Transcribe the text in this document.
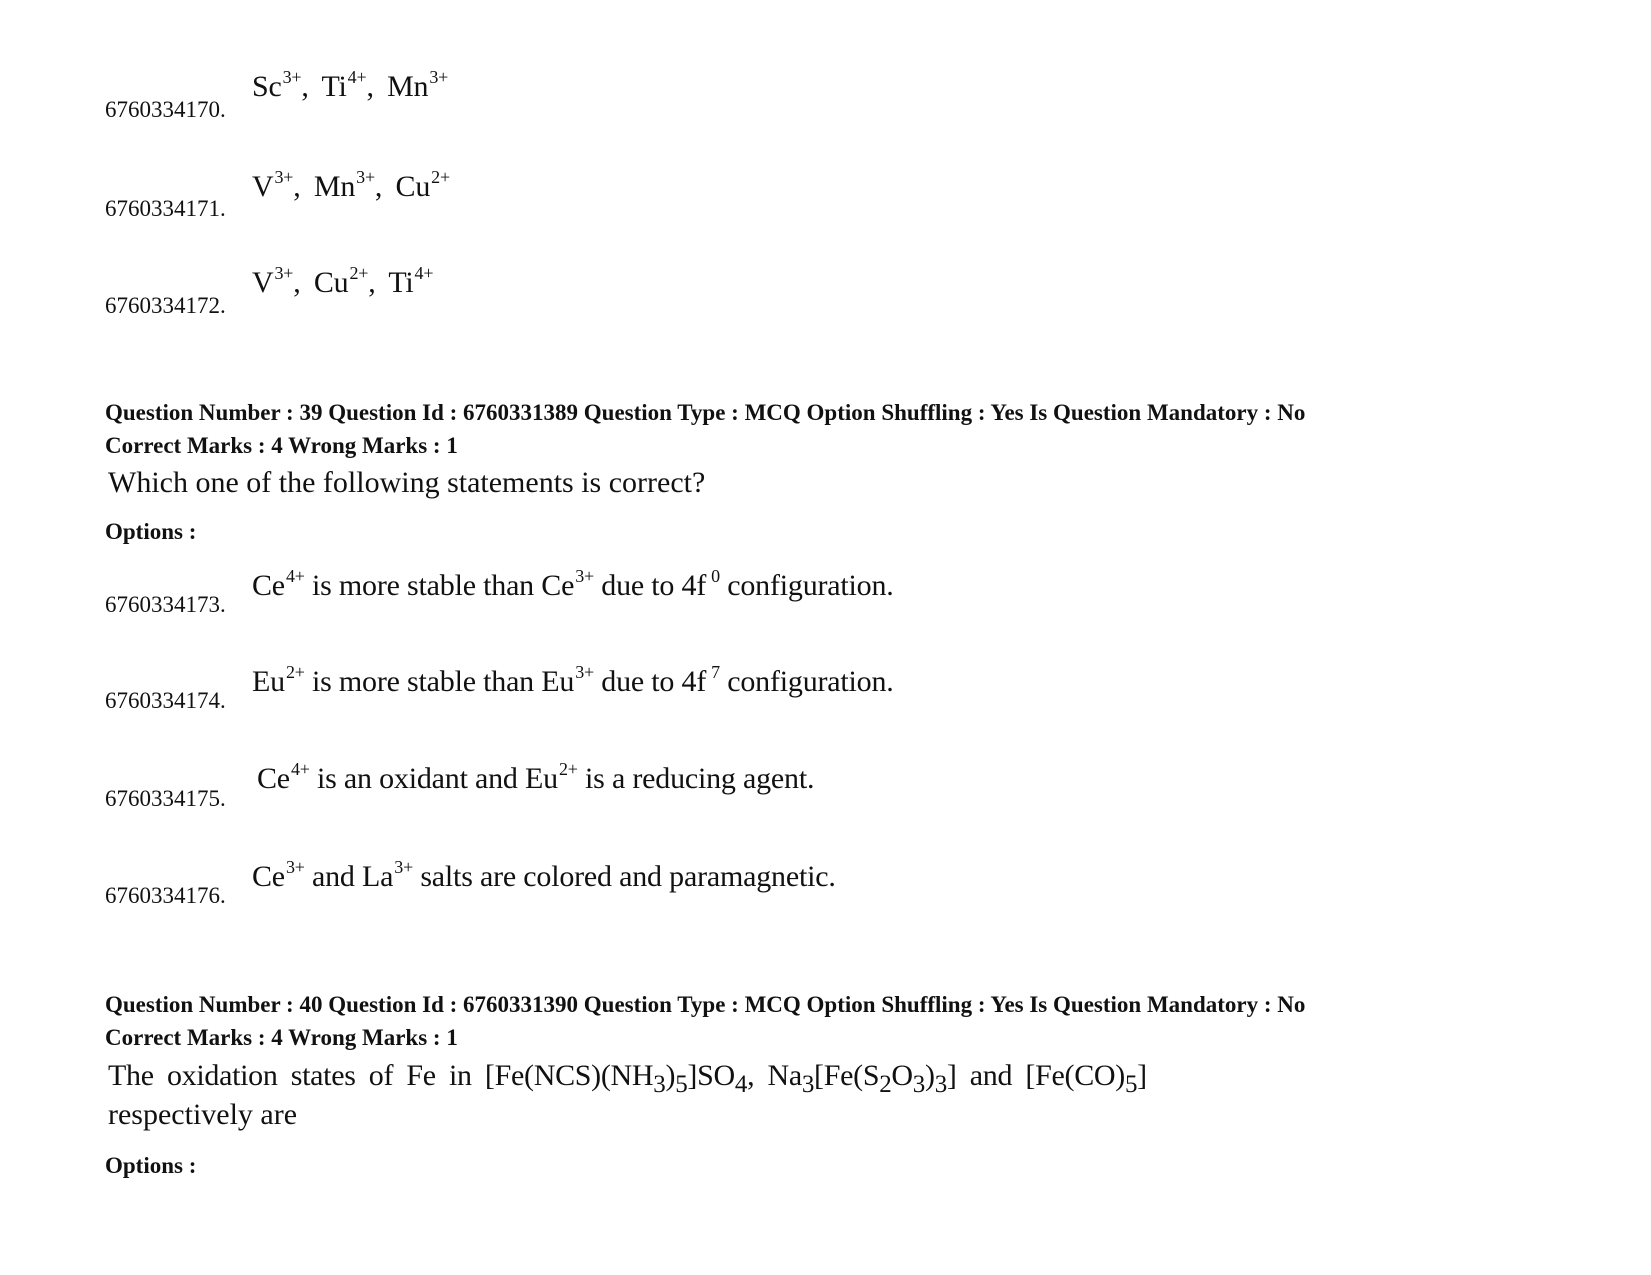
6760334170.
$Sc^{3+}$, $Ti^{4+}$, $Mn^{3+}$
6760334171.
$V^{3+}$, $Mn^{3+}$, $Cu^{2+}$
6760334172.
$V^{3+}$, $Cu^{2+}$, $Ti^{4+}$
Question Number : 39 Question Id : 6760331389 Question Type : MCQ Option Shuffling : Yes Is Question Mandatory : No
Correct Marks : 4 Wrong Marks : 1
Which one of the following statements is correct?
Options :
6760334173.
$Ce^{4+}$ is more stable than $Ce^{3+}$ due to 4f $^0$ configuration.
6760334174.
$Eu^{2+}$ is more stable than $Eu^{3+}$ due to 4f $^7$ configuration.
6760334175.
$Ce^{4+}$ is an oxidant and $Eu^{2+}$ is a reducing agent.
6760334176.
$Ce^{3+}$ and $La^{3+}$ salts are colored and paramagnetic.
Question Number : 40 Question Id : 6760331390 Question Type : MCQ Option Shuffling : Yes Is Question Mandatory : No
Correct Marks : 4 Wrong Marks : 1
The oxidation states of Fe in $[Fe(NCS)(NH_3)_5]SO_4$, $Na_3[Fe(S_2O_3)_3]$ and $[Fe(CO)_5]$
respectively are
Options :
